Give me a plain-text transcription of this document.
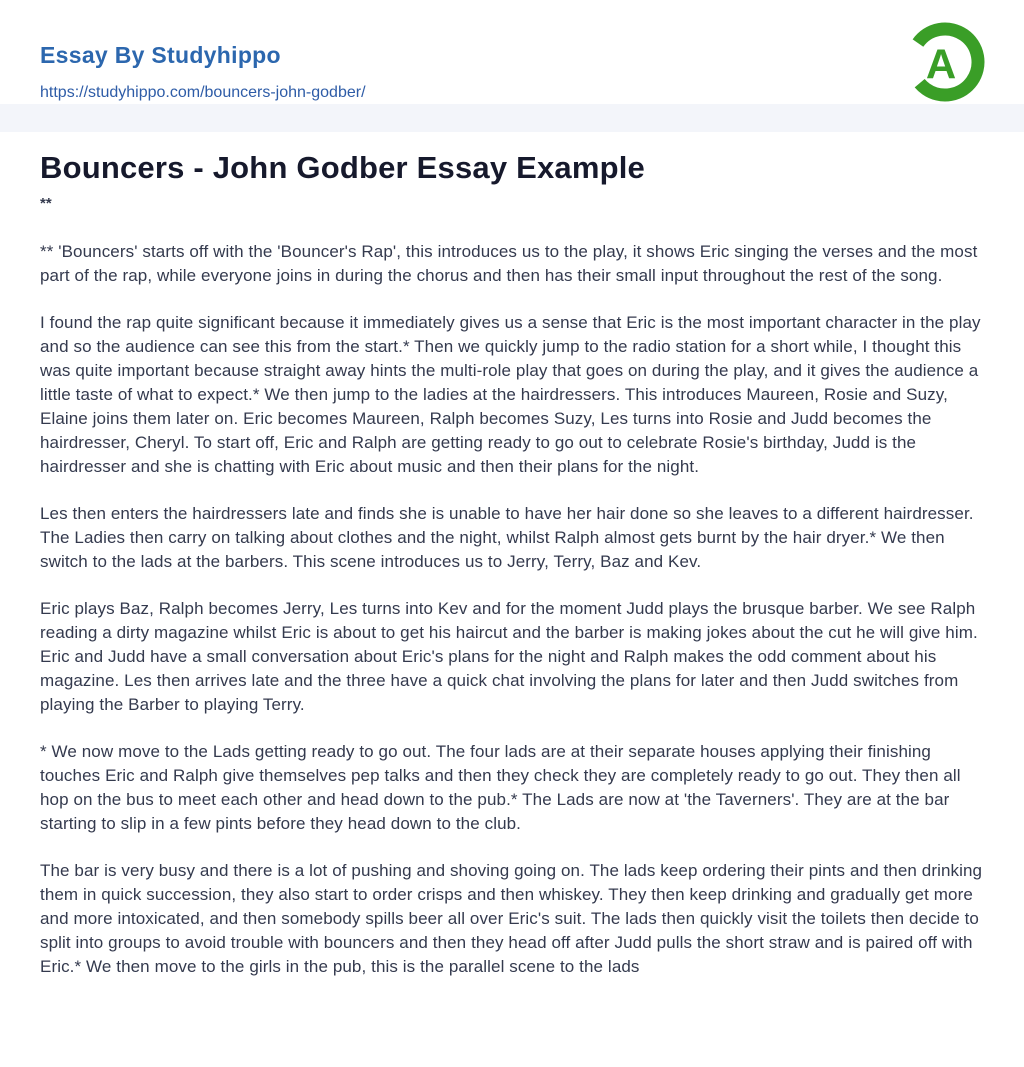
Essay By Studyhippo
https://studyhippo.com/bouncers-john-godber/
A
Bouncers - John Godber Essay Example
**

** 'Bouncers' starts off with the 'Bouncer's Rap', this introduces us to the play, it shows Eric singing the verses and the most part of the rap, while everyone joins in during the chorus and then has their small input throughout the rest of the song.

I found the rap quite significant because it immediately gives us a sense that Eric is the most important character in the play and so the audience can see this from the start.* Then we quickly jump to the radio station for a short while, I thought this was quite important because straight away hints the multi-role play that goes on during the play, and it gives the audience a little taste of what to expect.* We then jump to the ladies at the hairdressers. This introduces Maureen, Rosie and Suzy, Elaine joins them later on. Eric becomes Maureen, Ralph becomes Suzy, Les turns into Rosie and Judd becomes the hairdresser, Cheryl. To start off, Eric and Ralph are getting ready to go out to celebrate Rosie's birthday, Judd is the hairdresser and she is chatting with Eric about music and then their plans for the night.

Les then enters the hairdressers late and finds she is unable to have her hair done so she leaves to a different hairdresser. The Ladies then carry on talking about clothes and the night, whilst Ralph almost gets burnt by the hair dryer.* We then switch to the lads at the barbers. This scene introduces us to Jerry, Terry, Baz and Kev.

Eric plays Baz, Ralph becomes Jerry, Les turns into Kev and for the moment Judd plays the brusque barber. We see Ralph reading a dirty magazine whilst Eric is about to get his haircut and the barber is making jokes about the cut he will give him. Eric and Judd have a small conversation about Eric's plans for the night and Ralph makes the odd comment about his magazine. Les then arrives late and the three have a quick chat involving the plans for later and then Judd switches from playing the Barber to playing Terry.

* We now move to the Lads getting ready to go out. The four lads are at their separate houses applying their finishing touches Eric and Ralph give themselves pep talks and then they check they are completely ready to go out. They then all hop on the bus to meet each other and head down to the pub.* The Lads are now at 'the Taverners'. They are at the bar starting to slip in a few pints before they head down to the club.

The bar is very busy and there is a lot of pushing and shoving going on. The lads keep ordering their pints and then drinking them in quick succession, they also start to order crisps and then whiskey. They then keep drinking and gradually get more and more intoxicated, and then somebody spills beer all over Eric's suit. The lads then quickly visit the toilets then decide to split into groups to avoid trouble with bouncers and then they head off after Judd pulls the short straw and is paired off with Eric.* We then move to the girls in the pub, this is the parallel scene to the lads
